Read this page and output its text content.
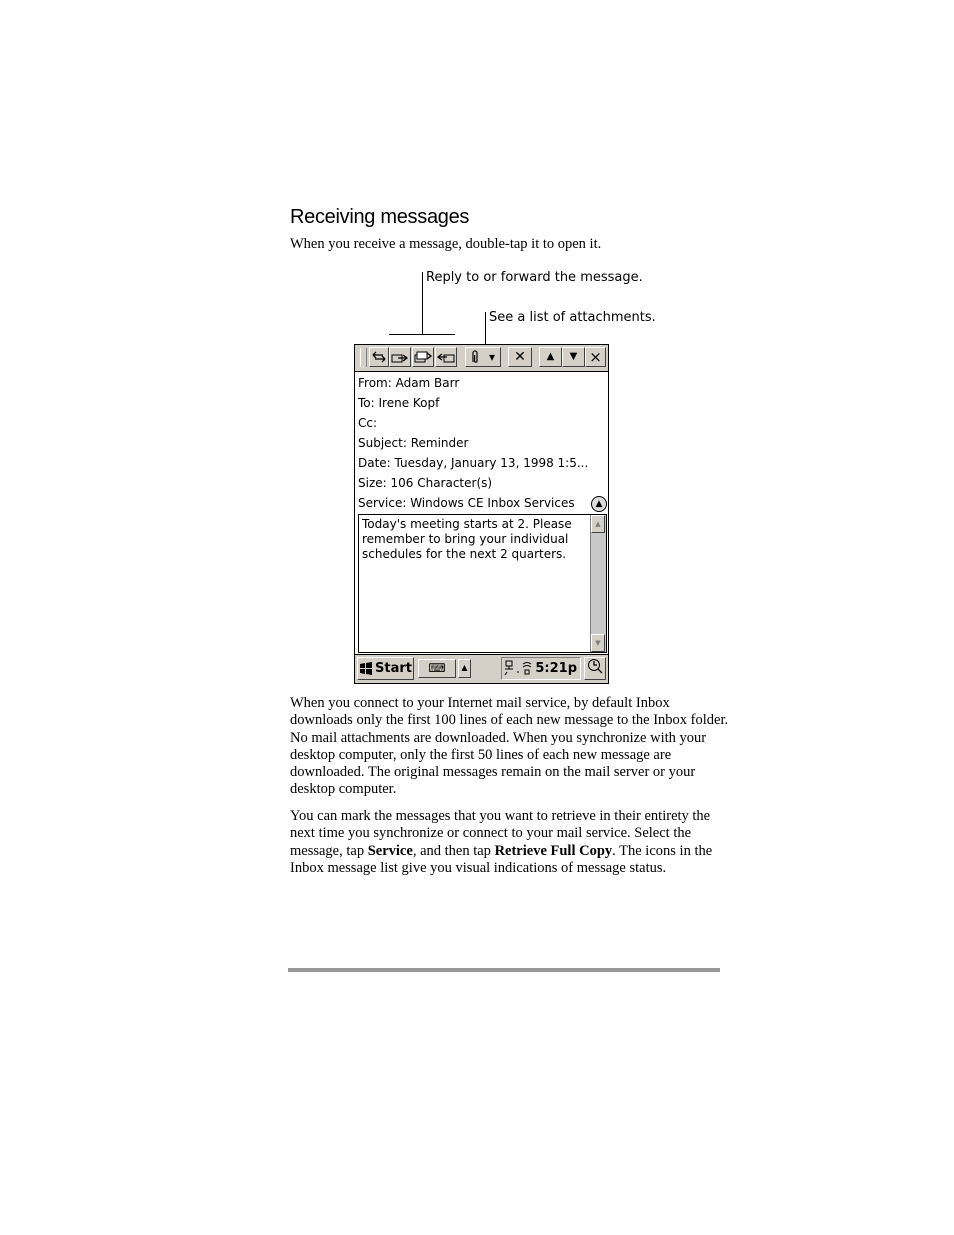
Receiving messages

When you receive a message, double-tap it to open it.

Reply to or forward the message.
See a list of attachments.
▾ ✕ ▲ ▼ ×
From: Adam Barr
To: Irene Kopf
Cc:
Subject: Reminder
Date: Tuesday, January 13, 1998 1:5...
Size: 106 Character(s)
Service: Windows CE Inbox Services	▲
Today's meeting starts at 2. Please remember to bring your individual schedules for the next 2 quarters.
▲
▼
Start	⌨	▲	5:21p

When you connect to your Internet mail service, by default Inbox downloads only the first 100 lines of each new message to the Inbox folder. No mail attachments are downloaded. When you synchronize with your desktop computer, only the first 50 lines of each new message are downloaded. The original messages remain on the mail server or your desktop computer.

You can mark the messages that you want to retrieve in their entirety the next time you synchronize or connect to your mail service. Select the message, tap Service, and then tap Retrieve Full Copy. The icons in the Inbox message list give you visual indications of message status.
